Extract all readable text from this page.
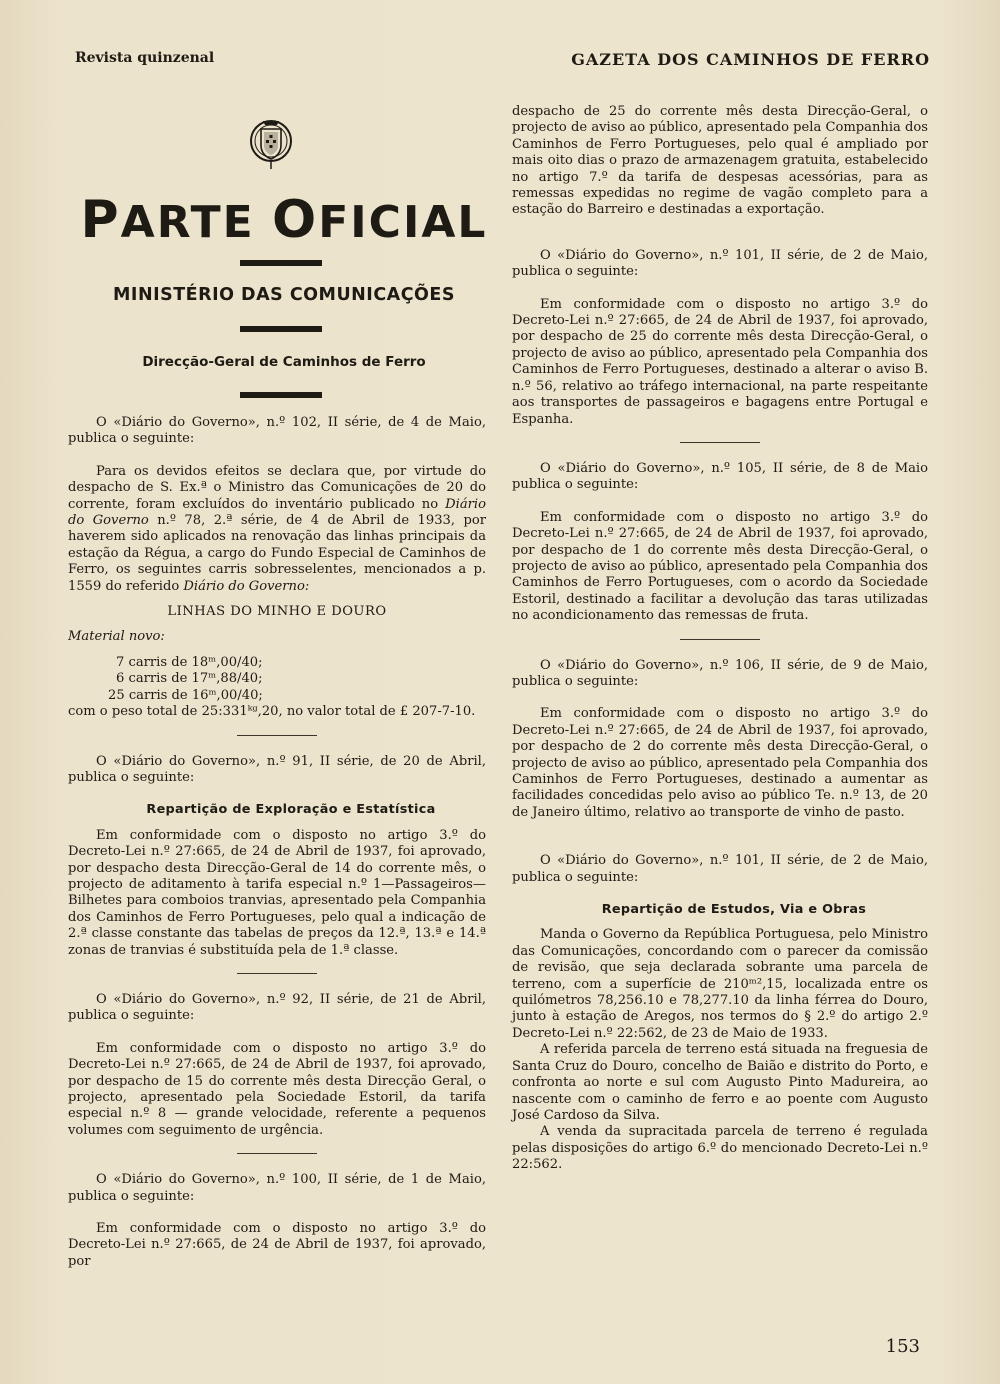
Revista quinzenal	GAZETA DOS CAMINHOS DE FERRO
PARTE OFICIAL
MINISTÉRIO DAS COMUNICAÇÕES
Direcção-Geral de Caminhos de Ferro

O «Diário do Governo», n.º 102, II série, de 4 de Maio, publica o seguinte:

Para os devidos efeitos se declara que, por virtude do despacho de S. Ex.ª o Ministro das Comunicações de 20 do corrente, foram excluídos do inventário publicado no Diário do Governo n.º 78, 2.ª série, de 4 de Abril de 1933, por haverem sido aplicados na renovação das linhas principais da estação da Régua, a cargo do Fundo Especial de Caminhos de Ferro, os seguintes carris sobresselentes, mencionados a p. 1559 do referido Diário do Governo:

LINHAS DO MINHO E DOURO

Material novo:

7 carris de 18ᵐ,00/40;

6 carris de 17ᵐ,88/40;

25 carris de 16ᵐ,00/40;

com o peso total de 25:331ᵏᵍ,20, no valor total de £ 207-7-10.

O «Diário do Governo», n.º 91, II série, de 20 de Abril, publica o seguinte:

Repartição de Exploração e Estatística

Em conformidade com o disposto no artigo 3.º do Decreto-Lei n.º 27:665, de 24 de Abril de 1937, foi aprovado, por despacho desta Direcção-Geral de 14 do corrente mês, o projecto de aditamento à tarifa especial n.º 1—Passageiros—Bilhetes para comboios tranvias, apresentado pela Companhia dos Caminhos de Ferro Portugueses, pelo qual a indicação de 2.ª classe constante das tabelas de preços da 12.ª, 13.ª e 14.ª zonas de tranvias é substituída pela de 1.ª classe.

O «Diário do Governo», n.º 92, II série, de 21 de Abril, publica o seguinte:

Em conformidade com o disposto no artigo 3.º do Decreto-Lei n.º 27:665, de 24 de Abril de 1937, foi aprovado, por despacho de 15 do corrente mês desta Direcção Geral, o projecto, apresentado pela Sociedade Estoril, da tarifa especial n.º 8 — grande velocidade, referente a pequenos volumes com seguimento de urgência.

O «Diário do Governo», n.º 100, II série, de 1 de Maio, publica o seguinte:

Em conformidade com o disposto no artigo 3.º do Decreto-Lei n.º 27:665, de 24 de Abril de 1937, foi aprovado, por

despacho de 25 do corrente mês desta Direcção-Geral, o projecto de aviso ao público, apresentado pela Companhia dos Caminhos de Ferro Portugueses, pelo qual é ampliado por mais oito dias o prazo de armazenagem gratuita, estabelecido no artigo 7.º da tarifa de despesas acessórias, para as remessas expedidas no regime de vagão completo para a estação do Barreiro e destinadas a exportação.

O «Diário do Governo», n.º 101, II série, de 2 de Maio, publica o seguinte:

Em conformidade com o disposto no artigo 3.º do Decreto-Lei n.º 27:665, de 24 de Abril de 1937, foi aprovado, por despacho de 25 do corrente mês desta Direcção-Geral, o projecto de aviso ao público, apresentado pela Companhia dos Caminhos de Ferro Portugueses, destinado a alterar o aviso B. n.º 56, relativo ao tráfego internacional, na parte respeitante aos transportes de passageiros e bagagens entre Portugal e Espanha.

O «Diário do Governo», n.º 105, II série, de 8 de Maio publica o seguinte:

Em conformidade com o disposto no artigo 3.º do Decreto-Lei n.º 27:665, de 24 de Abril de 1937, foi aprovado, por despacho de 1 do corrente mês desta Direcção-Geral, o projecto de aviso ao público, apresentado pela Companhia dos Caminhos de Ferro Portugueses, com o acordo da Sociedade Estoril, destinado a facilitar a devolução das taras utilizadas no acondicionamento das remessas de fruta.

O «Diário do Governo», n.º 106, II série, de 9 de Maio, publica o seguinte:

Em conformidade com o disposto no artigo 3.º do Decreto-Lei n.º 27:665, de 24 de Abril de 1937, foi aprovado, por despacho de 2 do corrente mês desta Direcção-Geral, o projecto de aviso ao público, apresentado pela Companhia dos Caminhos de Ferro Portugueses, destinado a aumentar as facilidades concedidas pelo aviso ao público Te. n.º 13, de 20 de Janeiro último, relativo ao transporte de vinho de pasto.

O «Diário do Governo», n.º 101, II série, de 2 de Maio, publica o seguinte:

Repartição de Estudos, Via e Obras

Manda o Governo da República Portuguesa, pelo Ministro das Comunicações, concordando com o parecer da comissão de revisão, que seja declarada sobrante uma parcela de terreno, com a superfície de 210ᵐ²,15, localizada entre os quilómetros 78,256.10 e 78,277.10 da linha férrea do Douro, junto à estação de Aregos, nos termos do § 2.º do artigo 2.º Decreto-Lei n.º 22:562, de 23 de Maio de 1933.

A referida parcela de terreno está situada na freguesia de Santa Cruz do Douro, concelho de Baião e distrito do Porto, e confronta ao norte e sul com Augusto Pinto Madureira, ao nascente com o caminho de ferro e ao poente com Augusto José Cardoso da Silva.

A venda da supracitada parcela de terreno é regulada pelas disposições do artigo 6.º do mencionado Decreto-Lei n.º 22:562.

153
